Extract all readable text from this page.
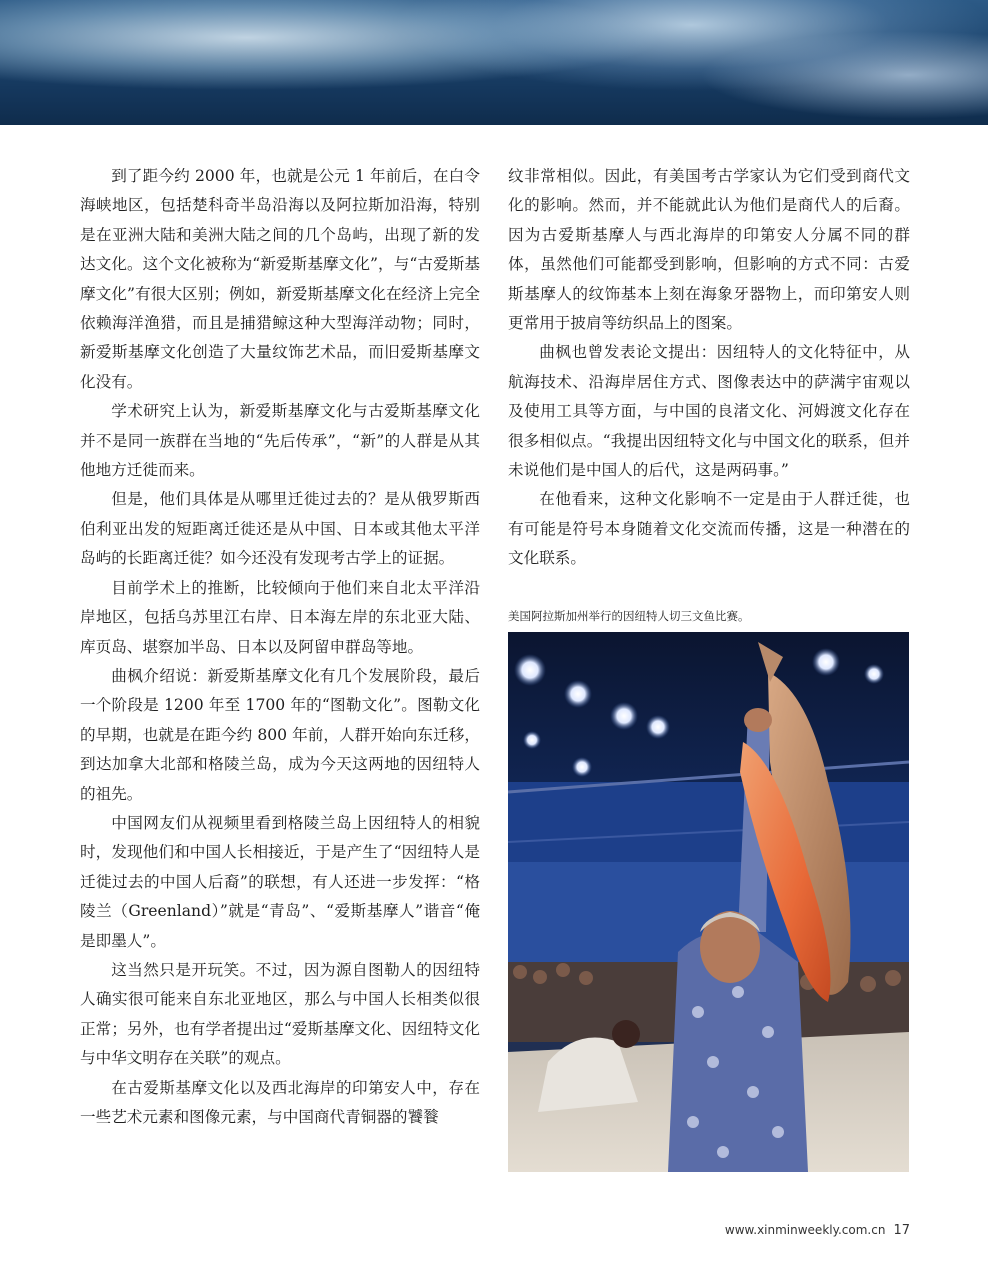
到了距今约 2000 年，也就是公元 1 年前后，在白令海峡地区，包括楚科奇半岛沿海以及阿拉斯加沿海，特别是在亚洲大陆和美洲大陆之间的几个岛屿，出现了新的发达文化。这个文化被称为“新爱斯基摩文化”，与“古爱斯基摩文化”有很大区别；例如，新爱斯基摩文化在经济上完全依赖海洋渔猎，而且是捕猎鲸这种大型海洋动物；同时，新爱斯基摩文化创造了大量纹饰艺术品，而旧爱斯基摩文化没有。

学术研究上认为，新爱斯基摩文化与古爱斯基摩文化并不是同一族群在当地的“先后传承”，“新”的人群是从其他地方迁徙而来。

但是，他们具体是从哪里迁徙过去的？是从俄罗斯西伯利亚出发的短距离迁徙还是从中国、日本或其他太平洋岛屿的长距离迁徙？如今还没有发现考古学上的证据。

目前学术上的推断，比较倾向于他们来自北太平洋沿岸地区，包括乌苏里江右岸、日本海左岸的东北亚大陆、库页岛、堪察加半岛、日本以及阿留申群岛等地。

曲枫介绍说：新爱斯基摩文化有几个发展阶段，最后一个阶段是 1200 年至 1700 年的“图勒文化”。图勒文化的早期，也就是在距今约 800 年前，人群开始向东迁移，到达加拿大北部和格陵兰岛，成为今天这两地的因纽特人的祖先。

中国网友们从视频里看到格陵兰岛上因纽特人的相貌时，发现他们和中国人长相接近，于是产生了“因纽特人是迁徙过去的中国人后裔”的联想，有人还进一步发挥：“格陵兰（Greenland）”就是“青岛”、“爱斯基摩人”谐音“俺是即墨人”。

这当然只是开玩笑。不过，因为源自图勒人的因纽特人确实很可能来自东北亚地区，那么与中国人长相类似很正常；另外，也有学者提出过“爱斯基摩文化、因纽特文化与中华文明存在关联”的观点。

在古爱斯基摩文化以及西北海岸的印第安人中，存在一些艺术元素和图像元素，与中国商代青铜器的饕餮

纹非常相似。因此，有美国考古学家认为它们受到商代文化的影响。然而，并不能就此认为他们是商代人的后裔。因为古爱斯基摩人与西北海岸的印第安人分属不同的群体，虽然他们可能都受到影响，但影响的方式不同：古爱斯基摩人的纹饰基本上刻在海象牙器物上，而印第安人则更常用于披肩等纺织品上的图案。

曲枫也曾发表论文提出：因纽特人的文化特征中，从航海技术、沿海岸居住方式、图像表达中的萨满宇宙观以及使用工具等方面，与中国的良渚文化、河姆渡文化存在很多相似点。“我提出因纽特文化与中国文化的联系，但并未说他们是中国人的后代，这是两码事。”

在他看来，这种文化影响不一定是由于人群迁徙，也有可能是符号本身随着文化交流而传播，这是一种潜在的文化联系。

美国阿拉斯加州举行的因纽特人切三文鱼比赛。
www.xinminweekly.com.cn 17
